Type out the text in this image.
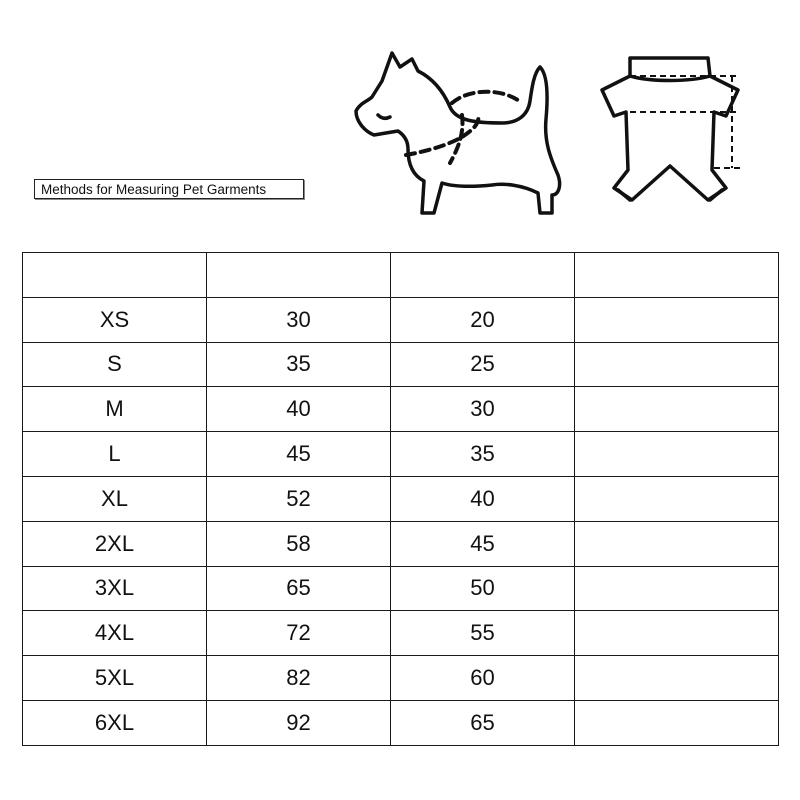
Methods for Measuring Pet Garments

XS	30	20	
S	35	25	
M	40	30	
L	45	35	
XL	52	40	
2XL	58	45	
3XL	65	50	
4XL	72	55	
5XL	82	60	
6XL	92	65	
